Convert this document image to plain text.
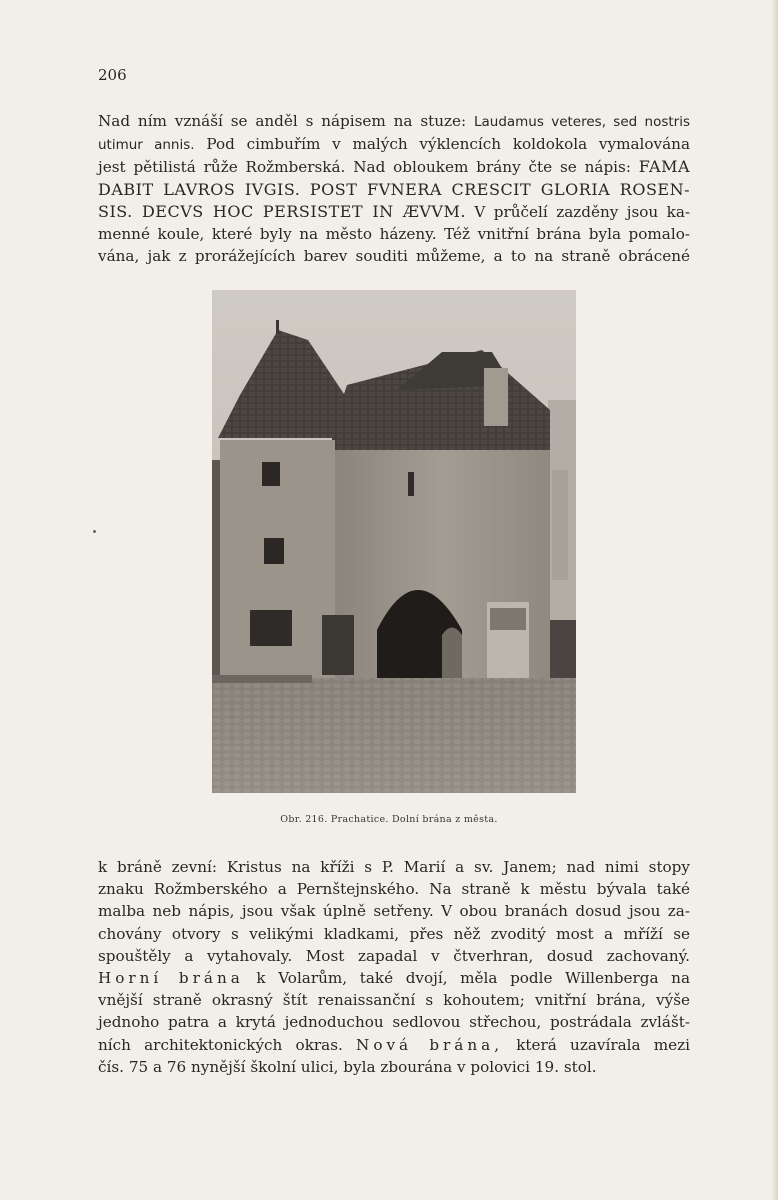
206
Nad ním vznáší se anděl s nápisem na stuze: Laudamus veteres, sed nostris
utimur annis. Pod cimbuřím v malých výklencích koldokola vymalována
jest pětilistá růže Rožmberská. Nad obloukem brány čte se nápis: FAMA
DABIT LAVROS IVGIS. POST FVNERA CRESCIT GLORIA ROSEN-
SIS. DECVS HOC PERSISTET IN ÆVVM. V průčelí zazděny jsou ka-
menné koule, které byly na město házeny. Též vnitřní brána byla pomalo-
vána, jak z prorážejících barev souditi můžeme, a to na straně obrácené
Obr. 216. Prachatice. Dolní brána z města.
k bráně zevní: Kristus na kříži s P. Marií a sv. Janem; nad nimi stopy
znaku Rožmberského a Pernštejnského. Na straně k městu bývala také
malba neb nápis, jsou však úplně setřeny. V obou branách dosud jsou za-
chovány otvory s velikými kladkami, přes něž zvoditý most a mříží se
spouštěly a vytahovaly. Most zapadal v čtverhran, dosud zachovaný.
Horní brána k Volarům, také dvojí, měla podle Willenberga na
vnější straně okrasný štít renaissanční s kohoutem; vnitřní brána, výše
jednoho patra a krytá jednoduchou sedlovou střechou, postrádala zvlášt-
ních architektonických okras. Nová brána, která uzavírala mezi
čís. 75 a 76 nynější školní ulici, byla zbourána v polovici 19. stol.
